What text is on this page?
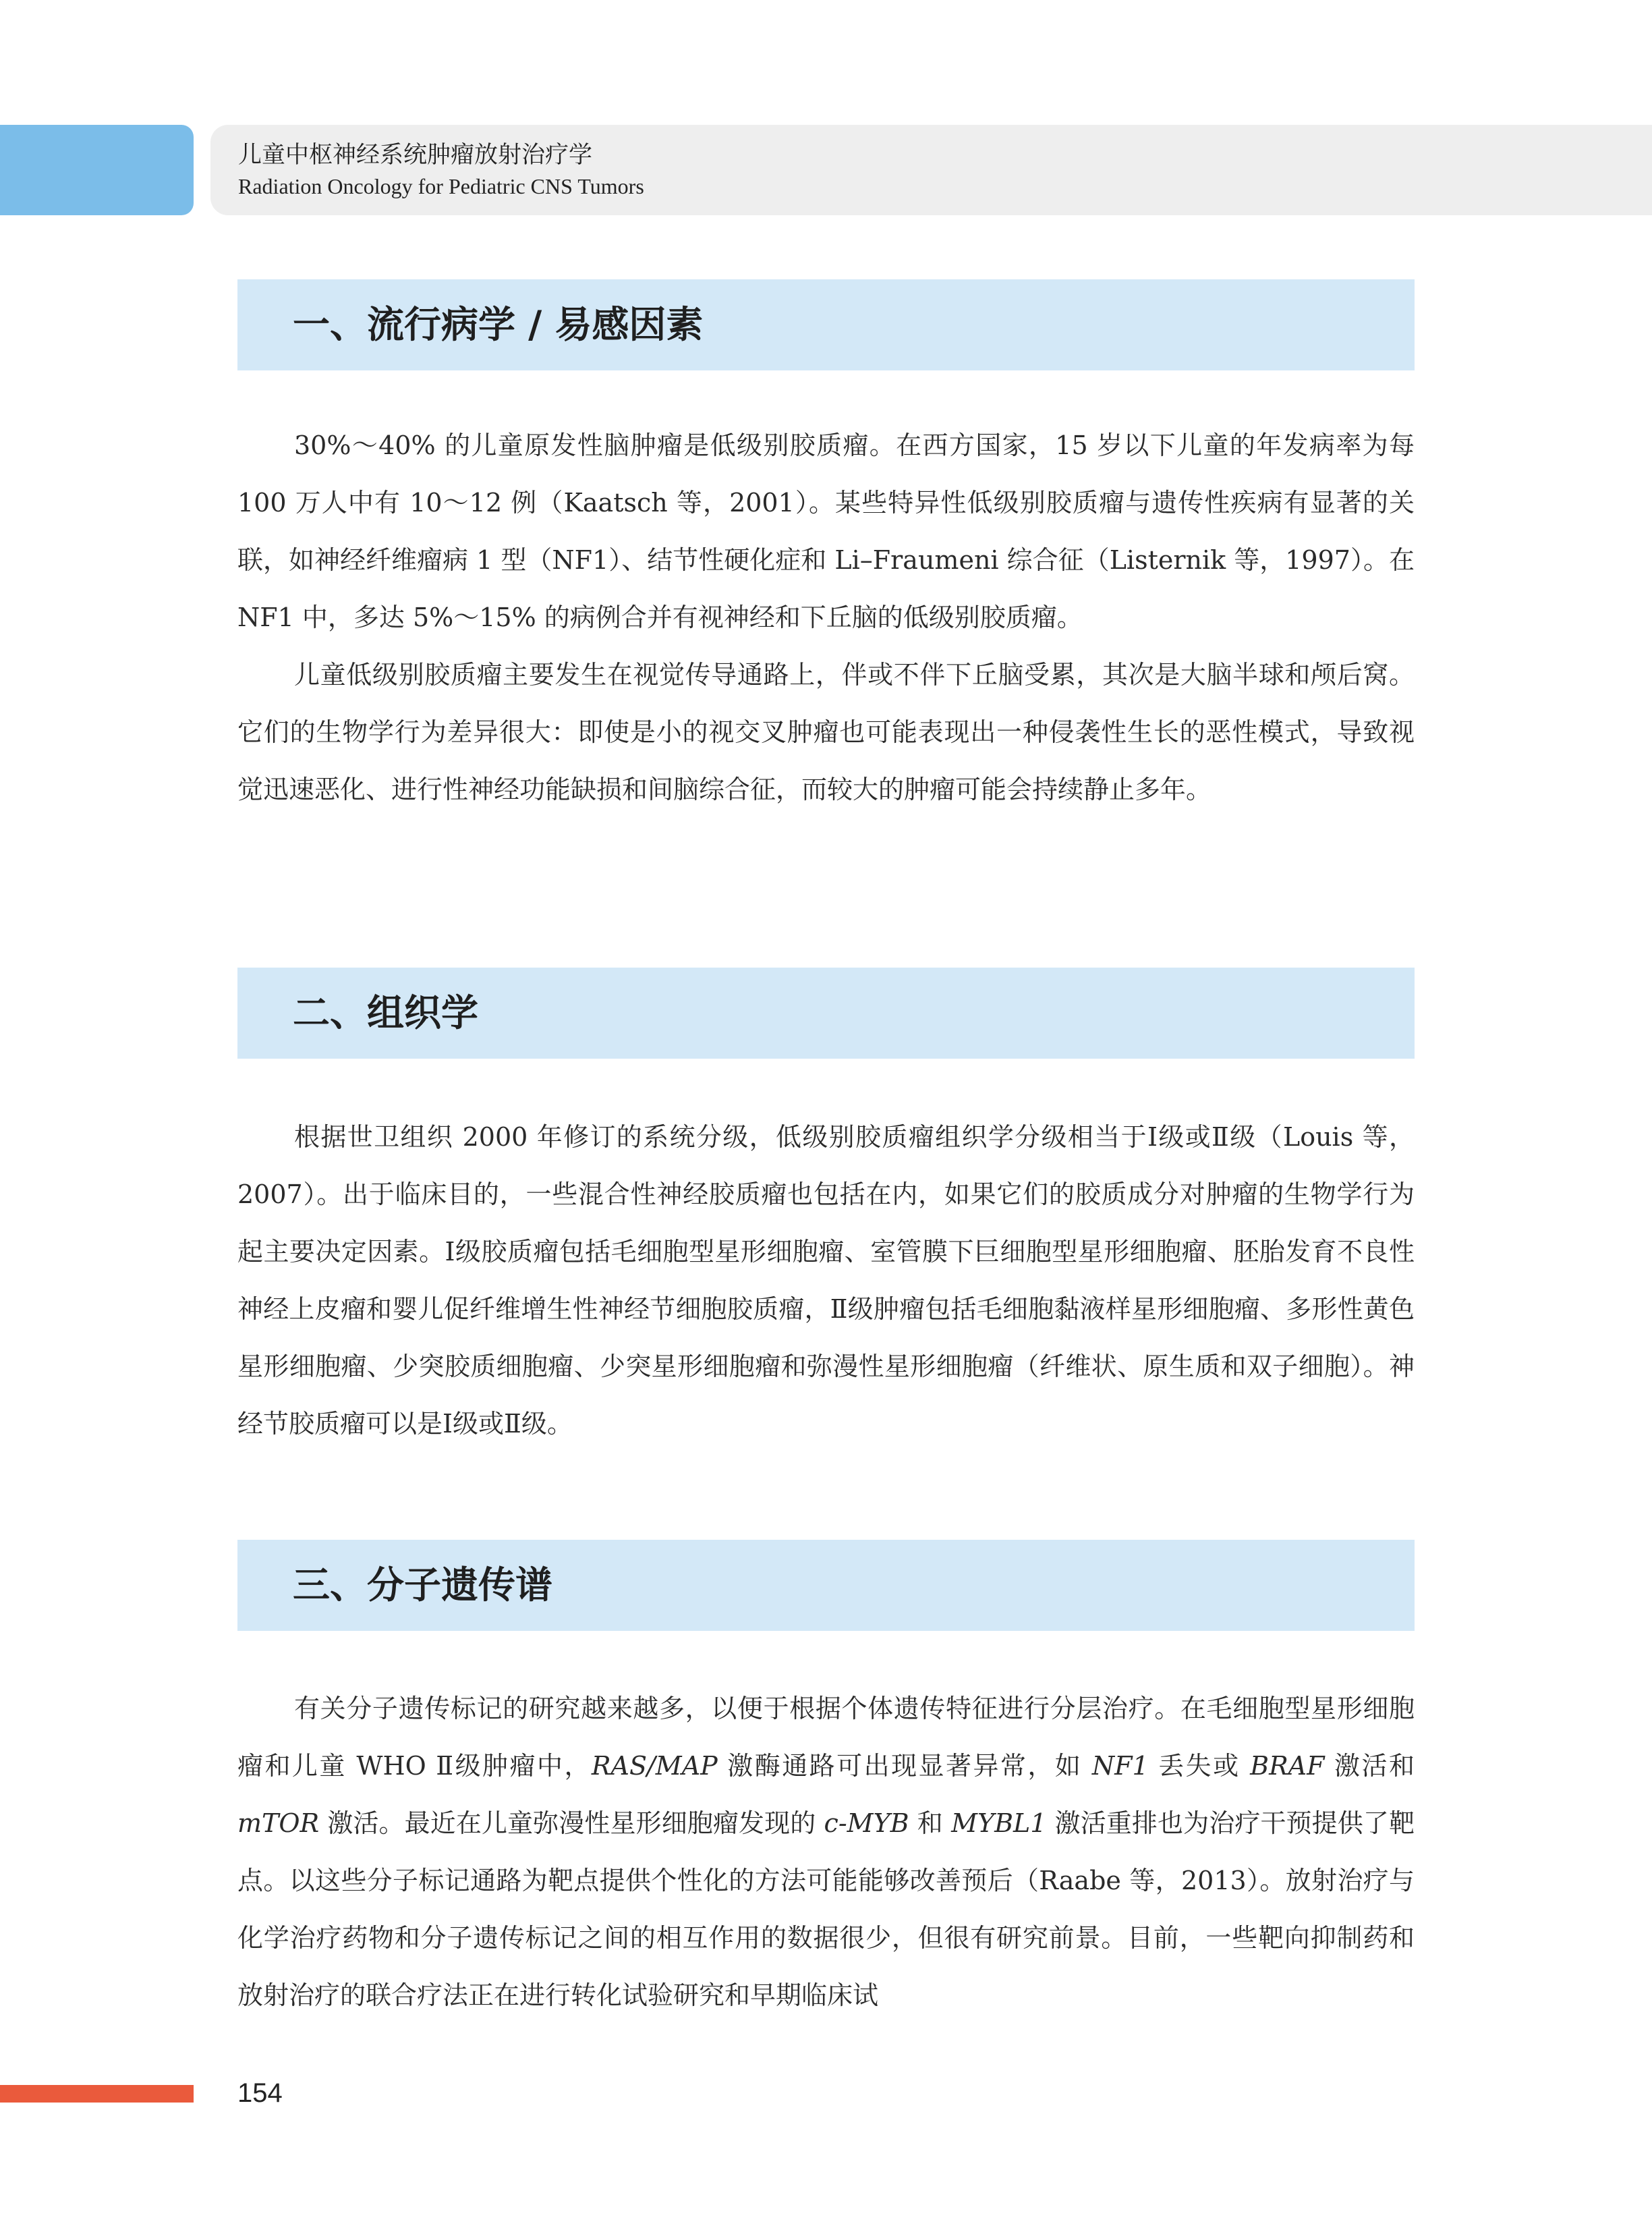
儿童中枢神经系统肿瘤放射治疗学
Radiation Oncology for Pediatric CNS Tumors
一、流行病学 / 易感因素

30%～40% 的儿童原发性脑肿瘤是低级别胶质瘤。在西方国家，15 岁以下儿童的年发病率为每 100 万人中有 10～12 例（Kaatsch 等，2001）。某些特异性低级别胶质瘤与遗传性疾病有显著的关联，如神经纤维瘤病 1 型（NF1）、结节性硬化症和 Li–Fraumeni 综合征（Listernik 等，1997）。在 NF1 中，多达 5%～15% 的病例合并有视神经和下丘脑的低级别胶质瘤。

儿童低级别胶质瘤主要发生在视觉传导通路上，伴或不伴下丘脑受累，其次是大脑半球和颅后窝。它们的生物学行为差异很大：即使是小的视交叉肿瘤也可能表现出一种侵袭性生长的恶性模式，导致视觉迅速恶化、进行性神经功能缺损和间脑综合征，而较大的肿瘤可能会持续静止多年。

二、组织学

根据世卫组织 2000 年修订的系统分级，低级别胶质瘤组织学分级相当于Ⅰ级或Ⅱ级（Louis 等，2007）。出于临床目的，一些混合性神经胶质瘤也包括在内，如果它们的胶质成分对肿瘤的生物学行为起主要决定因素。Ⅰ级胶质瘤包括毛细胞型星形细胞瘤、室管膜下巨细胞型星形细胞瘤、胚胎发育不良性神经上皮瘤和婴儿促纤维增生性神经节细胞胶质瘤，Ⅱ级肿瘤包括毛细胞黏液样星形细胞瘤、多形性黄色星形细胞瘤、少突胶质细胞瘤、少突星形细胞瘤和弥漫性星形细胞瘤（纤维状、原生质和双子细胞）。神经节胶质瘤可以是Ⅰ级或Ⅱ级。

三、分子遗传谱

有关分子遗传标记的研究越来越多，以便于根据个体遗传特征进行分层治疗。在毛细胞型星形细胞瘤和儿童 WHO Ⅱ级肿瘤中，RAS/MAP 激酶通路可出现显著异常，如 NF1 丢失或 BRAF 激活和 mTOR 激活。最近在儿童弥漫性星形细胞瘤发现的 c-MYB 和 MYBL1 激活重排也为治疗干预提供了靶点。以这些分子标记通路为靶点提供个性化的方法可能能够改善预后（Raabe 等，2013）。放射治疗与化学治疗药物和分子遗传标记之间的相互作用的数据很少，但很有研究前景。目前，一些靶向抑制药和放射治疗的联合疗法正在进行转化试验研究和早期临床试

154
